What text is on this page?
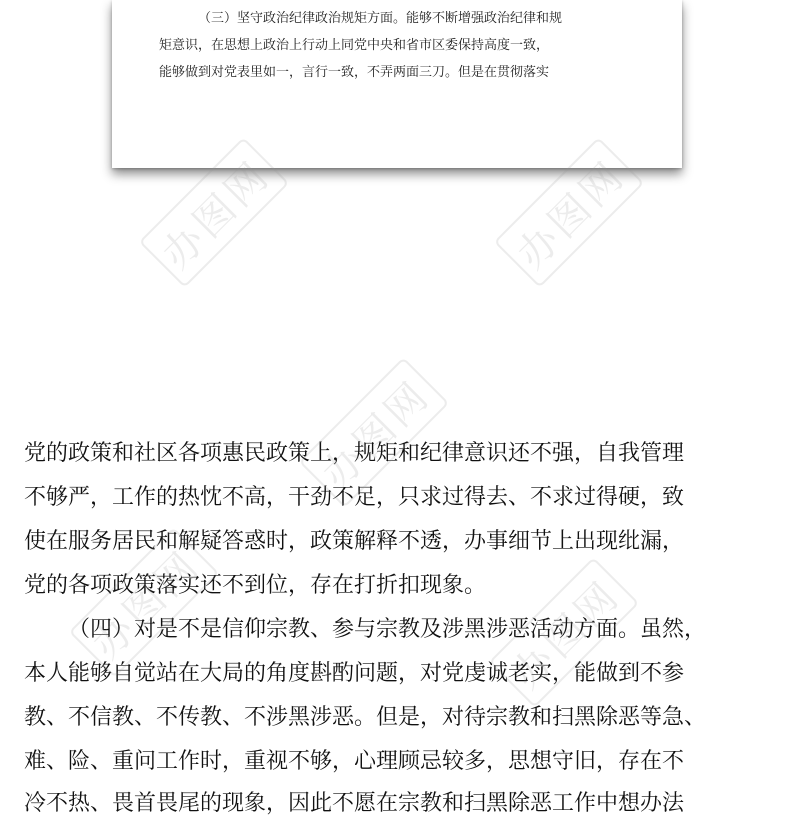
（三）坚守政治纪律政治规矩方面。能够不断增强政治纪律和规
矩意识，在思想上政治上行动上同党中央和省市区委保持高度一致，
能够做到对党表里如一，言行一致，不弄两面三刀。但是在贯彻落实
党的政策和社区各项惠民政策上，规矩和纪律意识还不强，自我管理
不够严，工作的热忱不高，干劲不足，只求过得去、不求过得硬，致
使在服务居民和解疑答惑时，政策解释不透，办事细节上出现纰漏，
党的各项政策落实还不到位，存在打折扣现象。
（四）对是不是信仰宗教、参与宗教及涉黑涉恶活动方面。虽然，
本人能够自觉站在大局的角度斟酌问题，对党虔诚老实，能做到不参
教、不信教、不传教、不涉黑涉恶。但是，对待宗教和扫黑除恶等急、
难、险、重问工作时，重视不够，心理顾忌较多，思想守旧，存在不
冷不热、畏首畏尾的现象，因此不愿在宗教和扫黑除恶工作中想办法
办图网	办图网
办图网
办图网
办图网
